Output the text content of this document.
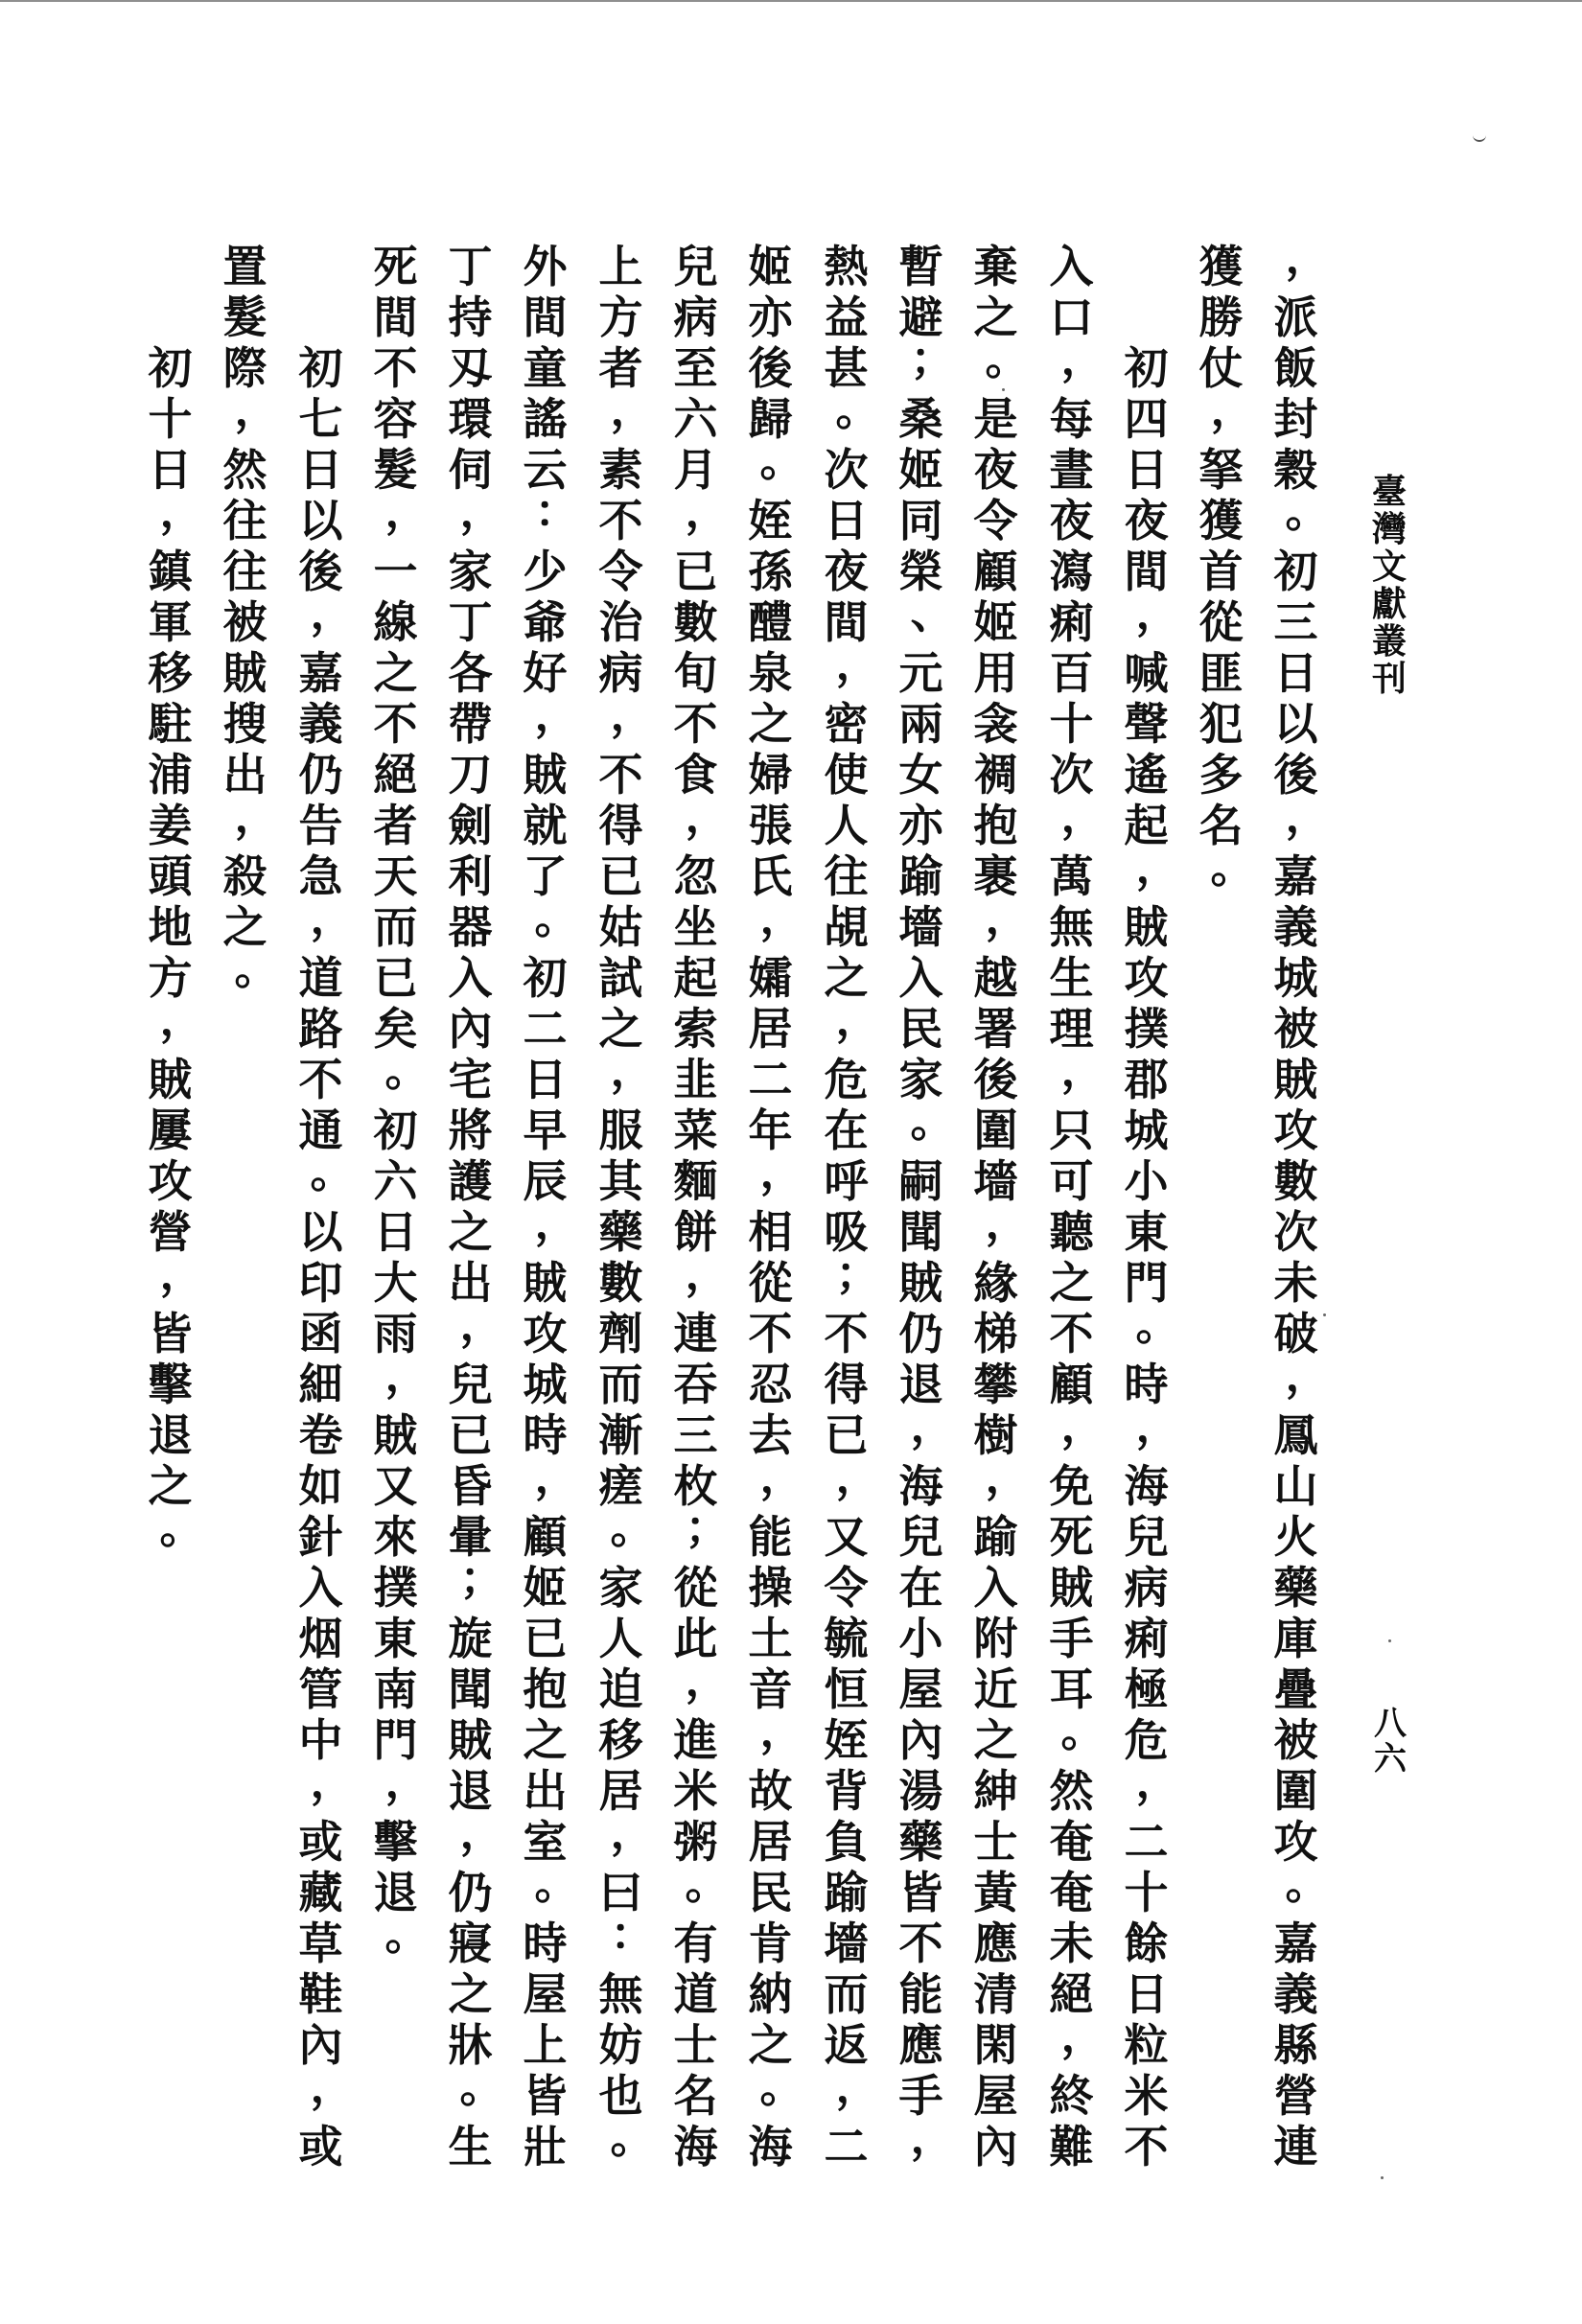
臺
灣
文
獻
叢
刊
八
六
，
派
飯
封
穀
。
初
三
日
以
後
，
嘉
義
城
被
賊
攻
數
次
未
破
，
鳳
山
火
藥
庫
疊
被
圍
攻
。
嘉
義
縣
營
連
獲
勝
仗
，
拏
獲
首
從
匪
犯
多
名
。
初
四
日
夜
間
，
喊
聲
遙
起
，
賊
攻
撲
郡
城
小
東
門
。
時
，
海
兒
病
痢
極
危
，
二
十
餘
日
粒
米
不
入
口
，
每
晝
夜
瀉
痢
百
十
次
，
萬
無
生
理
，
只
可
聽
之
不
顧
，
免
死
賊
手
耳
。
然
奄
奄
未
絕
，
終
難
棄
之
。
是
夜
令
顧
姬
用
衾
裯
抱
裹
，
越
署
後
圍
墻
，
緣
梯
攀
樹
，
踰
入
附
近
之
紳
士
黃
應
清
閑
屋
內
暫
避
；
桑
姬
同
榮
、
元
兩
女
亦
踰
墻
入
民
家
。
嗣
聞
賊
仍
退
，
海
兒
在
小
屋
內
湯
藥
皆
不
能
應
手
，
熱
益
甚
。
次
日
夜
間
，
密
使
人
往
覘
之
，
危
在
呼
吸
；
不
得
已
，
又
令
毓
恒
姪
背
負
踰
墻
而
返
，
二
姬
亦
後
歸
。
姪
孫
醴
泉
之
婦
張
氏
，
孀
居
二
年
，
相
從
不
忍
去
，
能
操
土
音
，
故
居
民
肯
納
之
。
海
兒
病
至
六
月
，
已
數
旬
不
食
，
忽
坐
起
索
韭
菜
麵
餅
，
連
吞
三
枚
；
從
此
，
進
米
粥
。
有
道
士
名
海
上
方
者
，
素
不
令
治
病
，
不
得
已
姑
試
之
，
服
其
藥
數
劑
而
漸
瘥
。
家
人
迫
移
居
，
曰
：
無
妨
也
。
外
間
童
謠
云
：
少
爺
好
，
賊
就
了
。
初
二
日
早
辰
，
賊
攻
城
時
，
顧
姬
已
抱
之
出
室
。
時
屋
上
皆
壯
丁
持
刄
環
伺
，
家
丁
各
帶
刀
劍
利
器
入
內
宅
將
護
之
出
，
兒
已
昏
暈
；
旋
聞
賊
退
，
仍
寢
之
牀
。
生
死
間
不
容
髮
，
一
線
之
不
絕
者
天
而
已
矣
。
初
六
日
大
雨
，
賊
又
來
撲
東
南
門
，
擊
退
。
初
七
日
以
後
，
嘉
義
仍
告
急
，
道
路
不
通
。
以
印
函
細
卷
如
針
入
烟
管
中
，
或
藏
草
鞋
內
，
或
置
髮
際
，
然
往
往
被
賊
搜
出
，
殺
之
。
初
十
日
，
鎮
軍
移
駐
浦
姜
頭
地
方
，
賊
屢
攻
營
，
皆
擊
退
之
。
